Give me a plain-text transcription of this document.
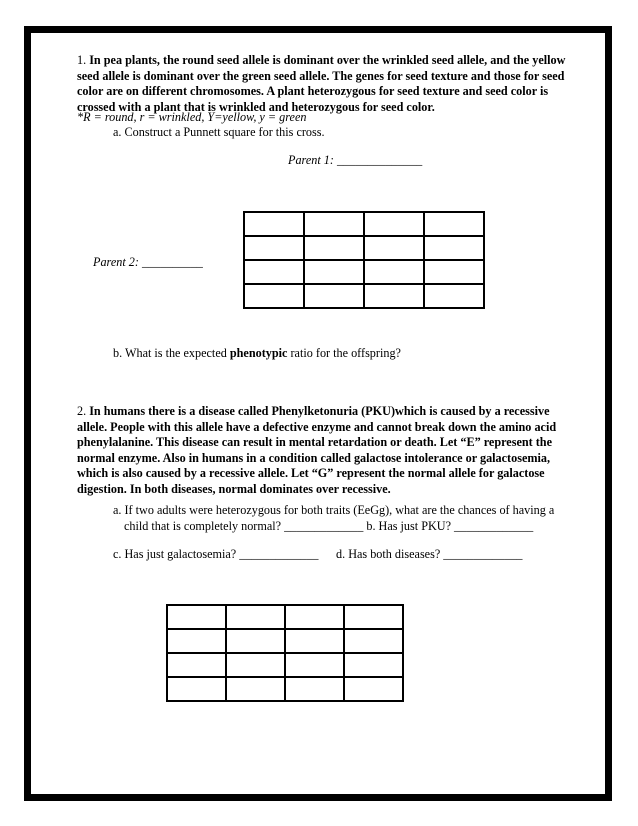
1. In pea plants, the round seed allele is dominant over the wrinkled seed allele, and the yellow seed allele is dominant over the green seed allele. The genes for seed texture and those for seed color are on different chromosomes. A plant heterozygous for seed texture and seed color is crossed with a plant that is wrinkled and heterozygous for seed color.
*R = round, r = wrinkled, Y=yellow, y = green
a. Construct a Punnett square for this cross.
Parent 1: ______________
Parent 2: __________

b. What is the expected phenotypic ratio for the offspring?
2. In humans there is a disease called Phenylketonuria (PKU)which is caused by a recessive allele. People with this allele have a defective enzyme and cannot break down the amino acid phenylalanine. This disease can result in mental retardation or death. Let “E” represent the normal enzyme. Also in humans in a condition called galactose intolerance or galactosemia, which is also caused by a recessive allele. Let “G” represent the normal allele for galactose digestion. In both diseases, normal dominates over recessive.
a. If two adults were heterozygous for both traits (EeGg), what are the chances of having a
child that is completely normal? _____________ b. Has just PKU? _____________
c. Has just galactosemia? _____________ d. Has both diseases? _____________
